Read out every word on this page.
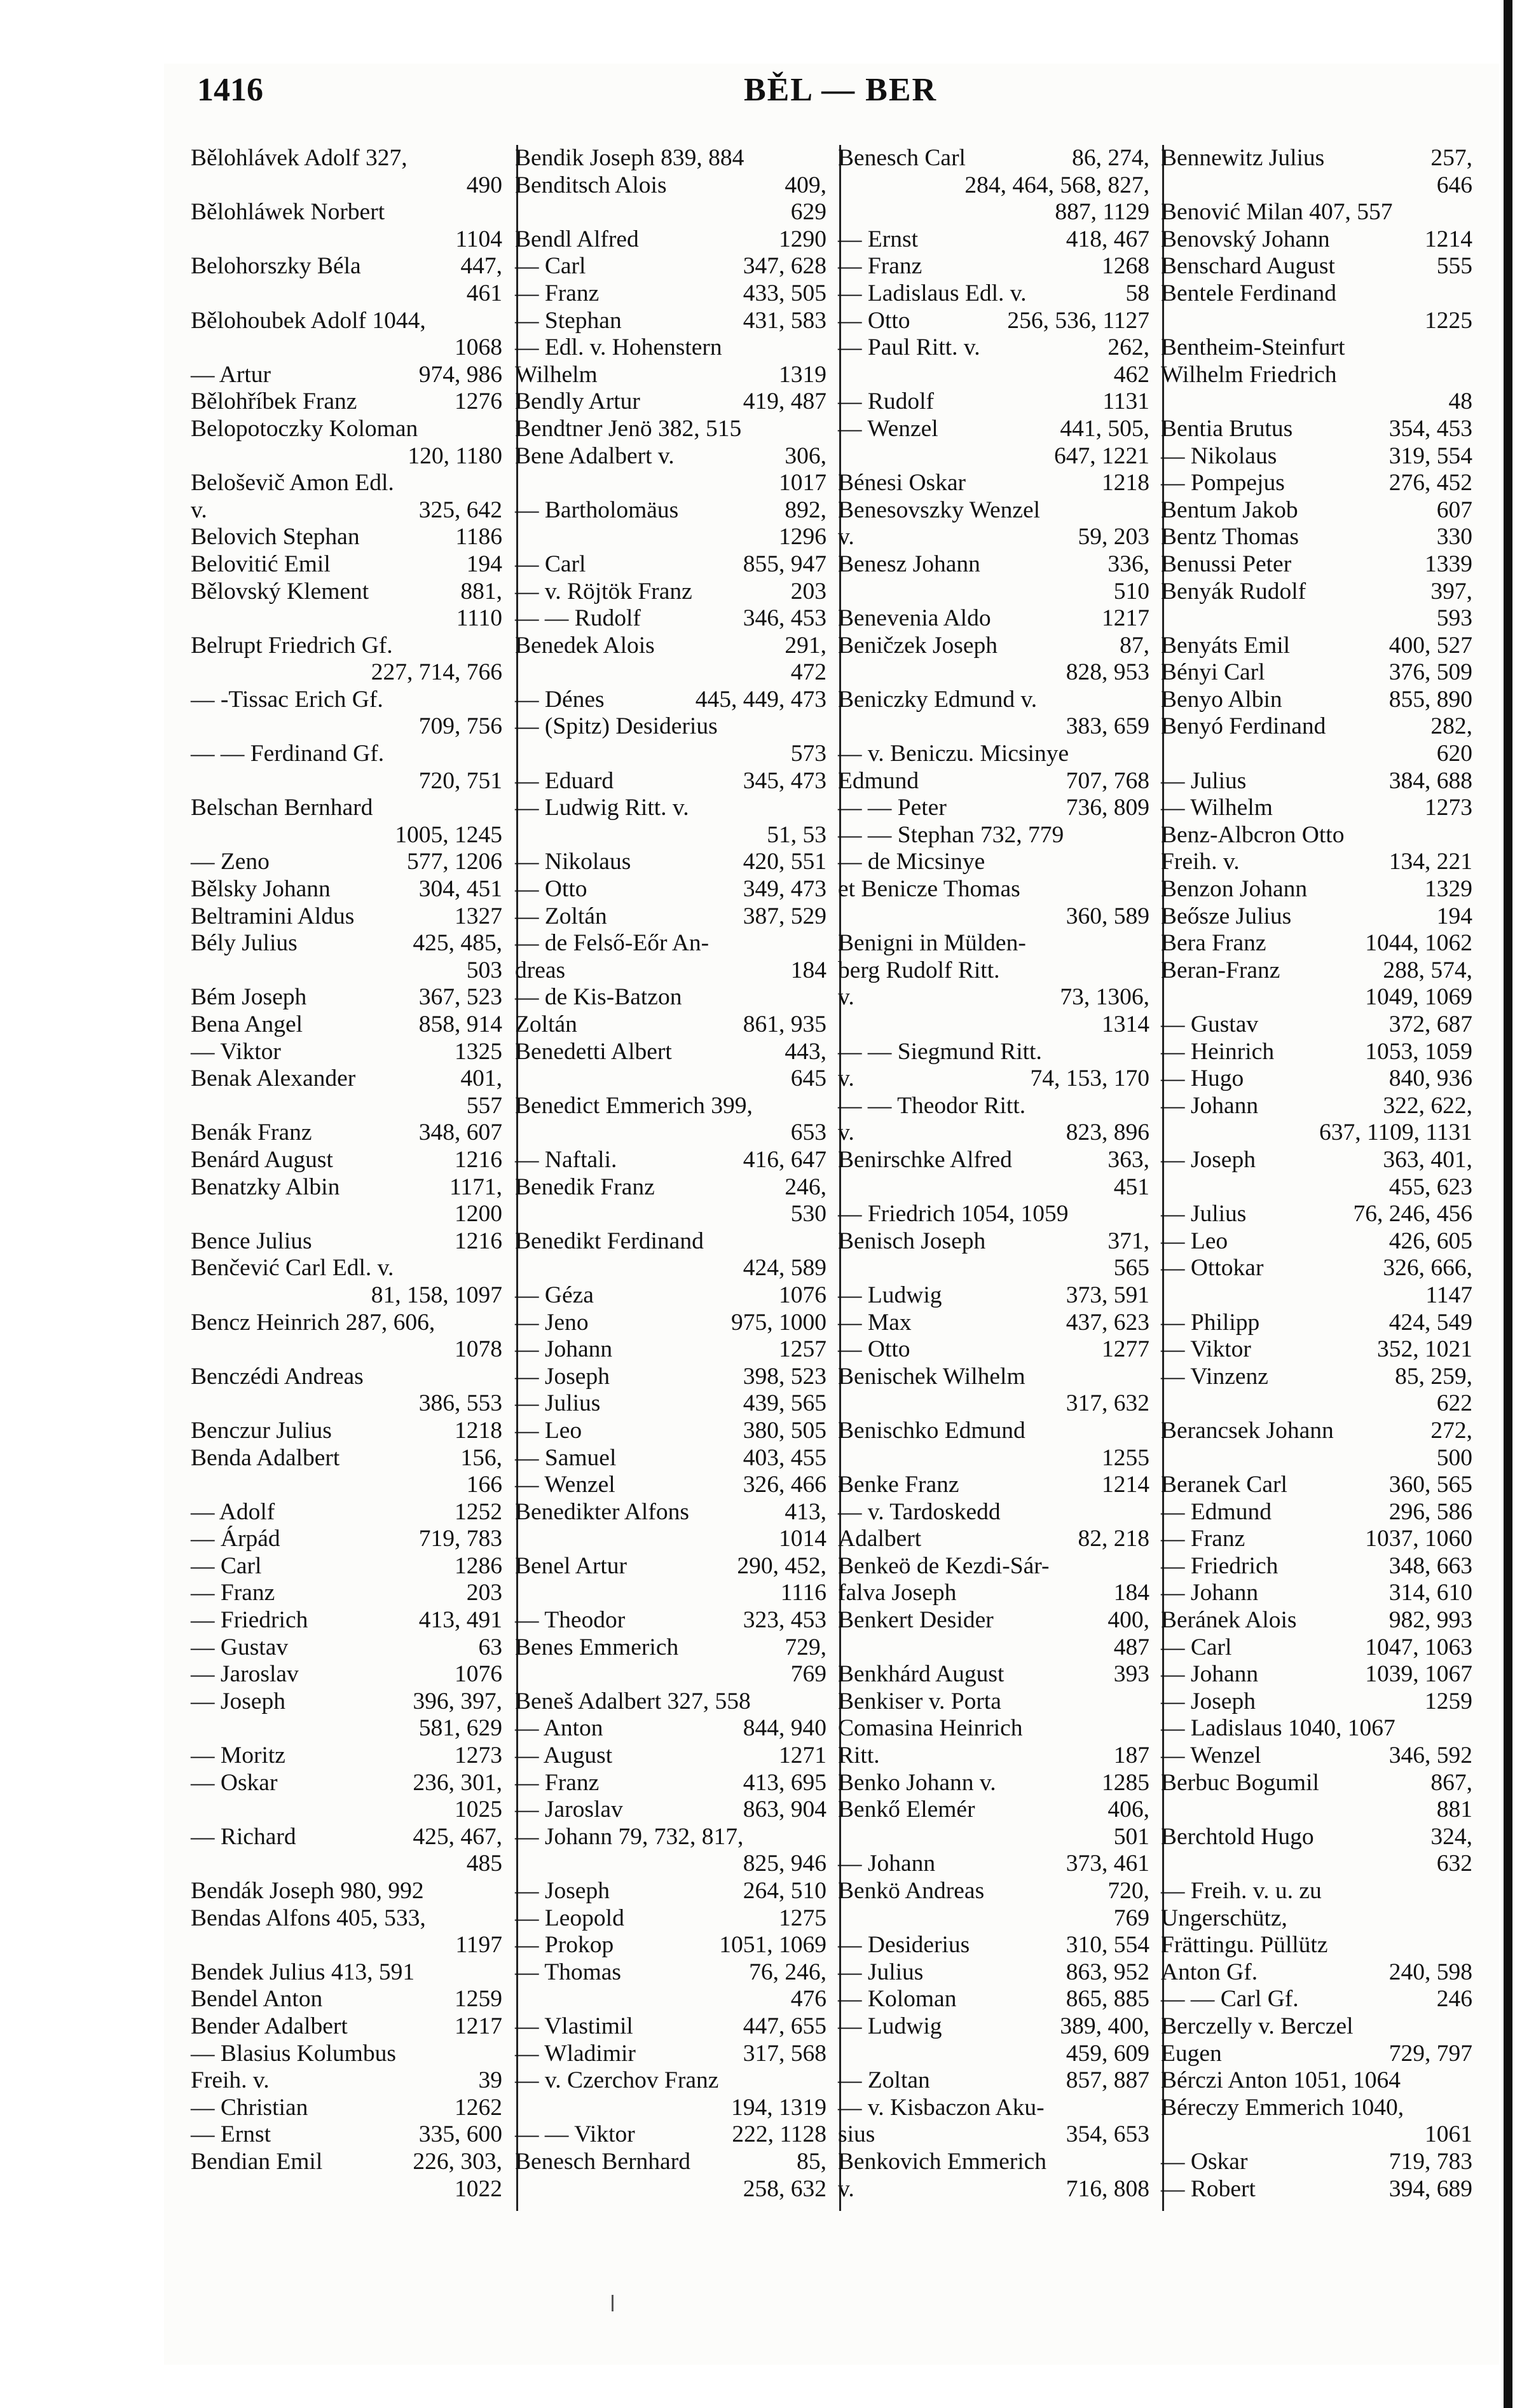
1416	BĚL — BER
Bělohlávek Adolf 327,
490
Bělohláwek Norbert
1104
Belohorszky Béla	447,
461
Bělohoubek Adolf 1044,
1068
— Artur	974, 986
Bělohříbek Franz	1276
Belopotoczky Koloman
120, 1180
Beloševič Amon Edl.
v.	325, 642
Belovich Stephan	1186
Belovitić Emil	194
Bělovský Klement	881,
1110
Belrupt Friedrich Gf.
227, 714, 766
— -Tissac Erich Gf.
709, 756
— — Ferdinand Gf.
720, 751
Belschan Bernhard
1005, 1245
— Zeno	577, 1206
Bělsky Johann	304, 451
Beltramini Aldus	1327
Bély Julius	425, 485,
503
Bém Joseph	367, 523
Bena Angel	858, 914
— Viktor	1325
Benak Alexander	401,
557
Benák Franz	348, 607
Benárd August	1216
Benatzky Albin	1171,
1200
Bence Julius	1216
Benčević Carl Edl. v.
81, 158, 1097
Bencz Heinrich 287, 606,
1078
Benczédi Andreas
386, 553
Benczur Julius	1218
Benda Adalbert	156,
166
— Adolf	1252
— Árpád	719, 783
— Carl	1286
— Franz	203
— Friedrich	413, 491
— Gustav	63
— Jaroslav	1076
— Joseph	396, 397,
581, 629
— Moritz	1273
— Oskar	236, 301,
1025
— Richard	425, 467,
485
Bendák Joseph 980, 992
Bendas Alfons 405, 533,
1197
Bendek Julius 413, 591
Bendel Anton	1259
Bender Adalbert	1217
— Blasius Kolumbus
Freih. v.	39
— Christian	1262
— Ernst	335, 600
Bendian Emil	226, 303,
1022
Bendik Joseph 839, 884
Benditsch Alois	409,
629
Bendl Alfred	1290
— Carl	347, 628
— Franz	433, 505
— Stephan	431, 583
— Edl. v. Hohenstern
Wilhelm	1319
Bendly Artur	419, 487
Bendtner Jenö 382, 515
Bene Adalbert v.	306,
1017
— Bartholomäus	892,
1296
— Carl	855, 947
— v. Röjtök Franz	203
— — Rudolf	346, 453
Benedek Alois	291,
472
— Dénes	445, 449, 473
— (Spitz) Desiderius
573
— Eduard	345, 473
— Ludwig Ritt. v.
51, 53
— Nikolaus	420, 551
— Otto	349, 473
— Zoltán	387, 529
— de Felső-Eőr An-
dreas	184
— de Kis-Batzon
Zoltán	861, 935
Benedetti Albert	443,
645
Benedict Emmerich 399,
653
— Naftali.	416, 647
Benedik Franz	246,
530
Benedikt Ferdinand
424, 589
— Géza	1076
— Jeno	975, 1000
— Johann	1257
— Joseph	398, 523
— Julius	439, 565
— Leo	380, 505
— Samuel	403, 455
— Wenzel	326, 466
Benedikter Alfons	413,
1014
Benel Artur	290, 452,
1116
— Theodor	323, 453
Benes Emmerich	729,
769
Beneš Adalbert 327, 558
— Anton	844, 940
— August	1271
— Franz	413, 695
— Jaroslav	863, 904
— Johann 79, 732, 817,
825, 946
— Joseph	264, 510
— Leopold	1275
— Prokop	1051, 1069
— Thomas	76, 246,
476
— Vlastimil	447, 655
— Wladimir	317, 568
— v. Czerchov Franz
194, 1319
— — Viktor	222, 1128
Benesch Bernhard	85,
258, 632
Benesch Carl	86, 274,
284, 464, 568, 827,
887, 1129
— Ernst	418, 467
— Franz	1268
— Ladislaus Edl. v.	58
— Otto	256, 536, 1127
— Paul Ritt. v.	262,
462
— Rudolf	1131
— Wenzel	441, 505,
647, 1221
Bénesi Oskar	1218
Benesovszky Wenzel
v.	59, 203
Benesz Johann	336,
510
Benevenia Aldo	1217
Beničzek Joseph	87,
828, 953
Beniczky Edmund v.
383, 659
— v. Beniczu. Micsinye
Edmund	707, 768
— — Peter	736, 809
— — Stephan 732, 779
— de Micsinye
et Benicze Thomas
360, 589
Benigni in Mülden-
berg Rudolf Ritt.
v.	73, 1306,
1314
— — Siegmund Ritt.
v.	74, 153, 170
— — Theodor Ritt.
v.	823, 896
Benirschke Alfred	363,
451
— Friedrich 1054, 1059
Benisch Joseph	371,
565
— Ludwig	373, 591
— Max	437, 623
— Otto	1277
Benischek Wilhelm
317, 632
Benischko Edmund
1255
Benke Franz	1214
— v. Tardoskedd
Adalbert	82, 218
Benkeö de Kezdi-Sár-
falva Joseph	184
Benkert Desider	400,
487
Benkhárd August	393
Benkiser v. Porta
Comasina Heinrich
Ritt.	187
Benko Johann v.	1285
Benkő Elemér	406,
501
— Johann	373, 461
Benkö Andreas	720,
769
— Desiderius	310, 554
— Julius	863, 952
— Koloman	865, 885
— Ludwig	389, 400,
459, 609
— Zoltan	857, 887
— v. Kisbaczon Aku-
sius	354, 653
Benkovich Emmerich
v.	716, 808
Bennewitz Julius	257,
646
Benović Milan 407, 557
Benovský Johann	1214
Benschard August	555
Bentele Ferdinand
1225
Bentheim-Steinfurt
Wilhelm Friedrich
48
Bentia Brutus	354, 453
— Nikolaus	319, 554
— Pompejus	276, 452
Bentum Jakob	607
Bentz Thomas	330
Benussi Peter	1339
Benyák Rudolf	397,
593
Benyáts Emil	400, 527
Bényi Carl	376, 509
Benyo Albin	855, 890
Benyó Ferdinand	282,
620
— Julius	384, 688
— Wilhelm	1273
Benz-Albcron Otto
Freih. v.	134, 221
Benzon Johann	1329
Beősze Julius	194
Bera Franz	1044, 1062
Beran-Franz	288, 574,
1049, 1069
— Gustav	372, 687
— Heinrich	1053, 1059
— Hugo	840, 936
— Johann	322, 622,
637, 1109, 1131
— Joseph	363, 401,
455, 623
— Julius	76, 246, 456
— Leo	426, 605
— Ottokar	326, 666,
1147
— Philipp	424, 549
— Viktor	352, 1021
— Vinzenz	85, 259,
622
Berancsek Johann	272,
500
Beranek Carl	360, 565
— Edmund	296, 586
— Franz	1037, 1060
— Friedrich	348, 663
— Johann	314, 610
Beránek Alois	982, 993
— Carl	1047, 1063
— Johann	1039, 1067
— Joseph	1259
— Ladislaus 1040, 1067
— Wenzel	346, 592
Berbuc Bogumil	867,
881
Berchtold Hugo	324,
632
— Freih. v. u. zu
Ungerschütz,
Frättingu. Püllütz
Anton Gf.	240, 598
— — Carl Gf.	246
Berczelly v. Berczel
Eugen	729, 797
Bérczi Anton 1051, 1064
Béreczy Emmerich 1040,
1061
— Oskar	719, 783
— Robert	394, 689
